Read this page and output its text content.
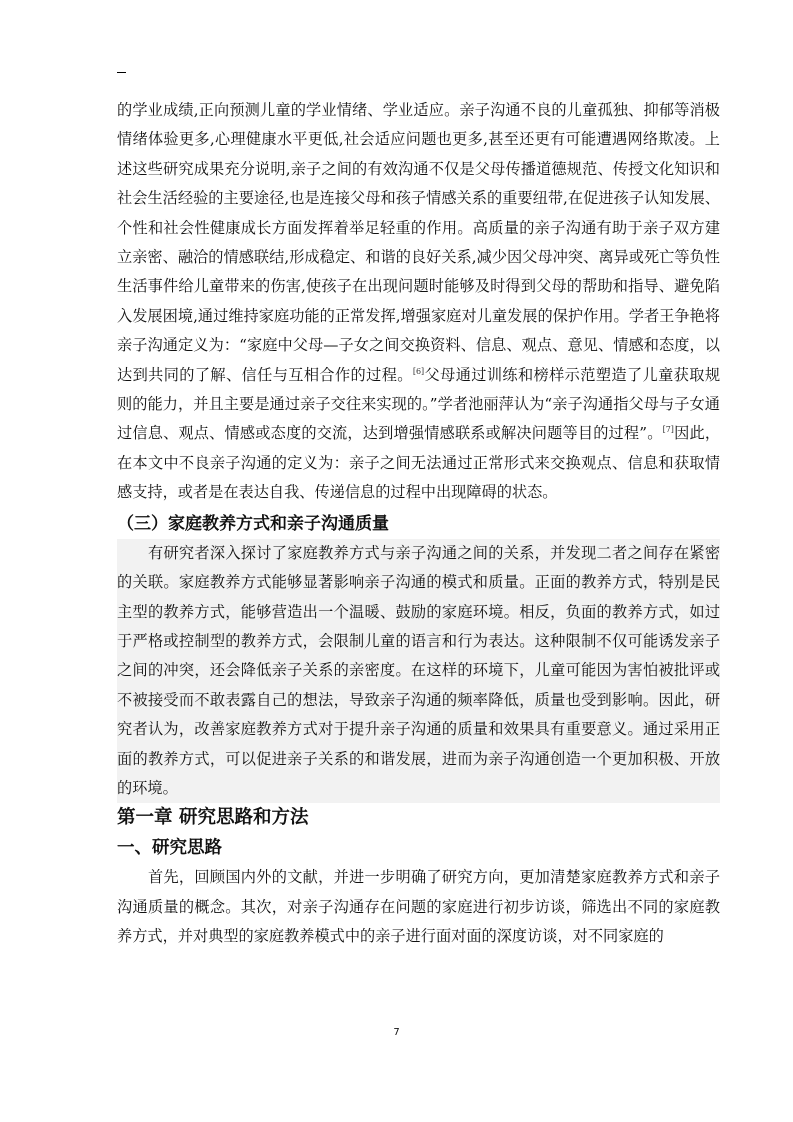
的学业成绩,正向预测儿童的学业情绪、学业适应。亲子沟通不良的儿童孤独、抑郁等消极情绪体验更多,心理健康水平更低,社会适应问题也更多,甚至还更有可能遭遇网络欺凌。上述这些研究成果充分说明,亲子之间的有效沟通不仅是父母传播道德规范、传授文化知识和社会生活经验的主要途径,也是连接父母和孩子情感关系的重要纽带,在促进孩子认知发展、个性和社会性健康成长方面发挥着举足轻重的作用。高质量的亲子沟通有助于亲子双方建立亲密、融洽的情感联结,形成稳定、和谐的良好关系,减少因父母冲突、离异或死亡等负性生活事件给儿童带来的伤害,使孩子在出现问题时能够及时得到父母的帮助和指导、避免陷入发展困境,通过维持家庭功能的正常发挥,增强家庭对儿童发展的保护作用。学者王争艳将亲子沟通定义为：“家庭中父母—子女之间交换资料、信息、观点、意见、情感和态度，以达到共同的了解、信任与互相合作的过程。[6]父母通过训练和榜样示范塑造了儿童获取规则的能力，并且主要是通过亲子交往来实现的。”学者池丽萍认为“亲子沟通指父母与子女通过信息、观点、情感或态度的交流，达到增强情感联系或解决问题等目的过程”。[7]因此，在本文中不良亲子沟通的定义为：亲子之间无法通过正常形式来交换观点、信息和获取情感支持，或者是在表达自我、传递信息的过程中出现障碍的状态。

（三）家庭教养方式和亲子沟通质量

有研究者深入探讨了家庭教养方式与亲子沟通之间的关系，并发现二者之间存在紧密的关联。家庭教养方式能够显著影响亲子沟通的模式和质量。正面的教养方式，特别是民主型的教养方式，能够营造出一个温暖、鼓励的家庭环境。相反，负面的教养方式，如过于严格或控制型的教养方式，会限制儿童的语言和行为表达。这种限制不仅可能诱发亲子之间的冲突，还会降低亲子关系的亲密度。在这样的环境下，儿童可能因为害怕被批评或不被接受而不敢表露自己的想法，导致亲子沟通的频率降低，质量也受到影响。因此，研究者认为，改善家庭教养方式对于提升亲子沟通的质量和效果具有重要意义。通过采用正面的教养方式，可以促进亲子关系的和谐发展，进而为亲子沟通创造一个更加积极、开放的环境。

第一章 研究思路和方法
一、研究思路

首先，回顾国内外的文献，并进一步明确了研究方向，更加清楚家庭教养方式和亲子沟通质量的概念。其次，对亲子沟通存在问题的家庭进行初步访谈，筛选出不同的家庭教养方式，并对典型的家庭教养模式中的亲子进行面对面的深度访谈，对不同家庭的

7
